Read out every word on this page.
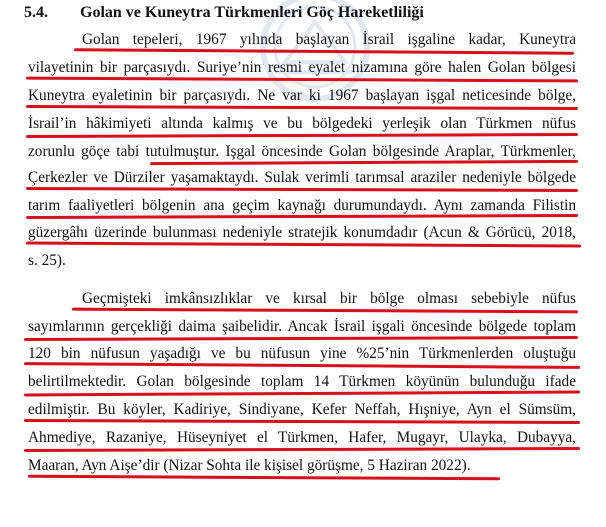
5.4. Golan ve Kuneytra Türkmenleri Göç Hareketliliği
Golan tepeleri, 1967 yılında başlayan İsrail işgaline kadar, Kuneytra
vilayetinin bir parçasıydı. Suriye’nin resmi eyalet nizamına göre halen Golan bölgesi
Kuneytra eyaletinin bir parçasıydı. Ne var ki 1967 başlayan işgal neticesinde bölge,
İsrail’in hâkimiyeti altında kalmış ve bu bölgedeki yerleşik olan Türkmen nüfus
zorunlu göçe tabi tutulmuştur. Işgal öncesinde Golan bölgesinde Araplar, Türkmenler,
Çerkezler ve Dürziler yaşamaktaydı. Sulak verimli tarımsal araziler nedeniyle bölgede
tarım faaliyetleri bölgenin ana geçim kaynağı durumundaydı. Aynı zamanda Filistin
güzergâhı üzerinde bulunması nedeniyle stratejik konumdadır (Acun & Görücü, 2018,
s. 25).
Geçmişteki imkânsızlıklar ve kırsal bir bölge olması sebebiyle nüfus
sayımlarının gerçekliği daima şaibelidir. Ancak İsrail işgali öncesinde bölgede toplam
120 bin nüfusun yaşadığı ve bu nüfusun yine %25’nin Türkmenlerden oluştuğu
belirtilmektedir. Golan bölgesinde toplam 14 Türkmen köyünün bulunduğu ifade
edilmiştir. Bu köyler, Kadiriye, Sindiyane, Kefer Neffah, Hışniye, Ayn el Sümsüm,
Ahmediye, Razaniye, Hüseyniyet el Türkmen, Hafer, Mugayr, Ulayka, Dubayya,
Maaran, Ayn Aişe’dir (Nizar Sohta ile kişisel görüşme, 5 Haziran 2022).
